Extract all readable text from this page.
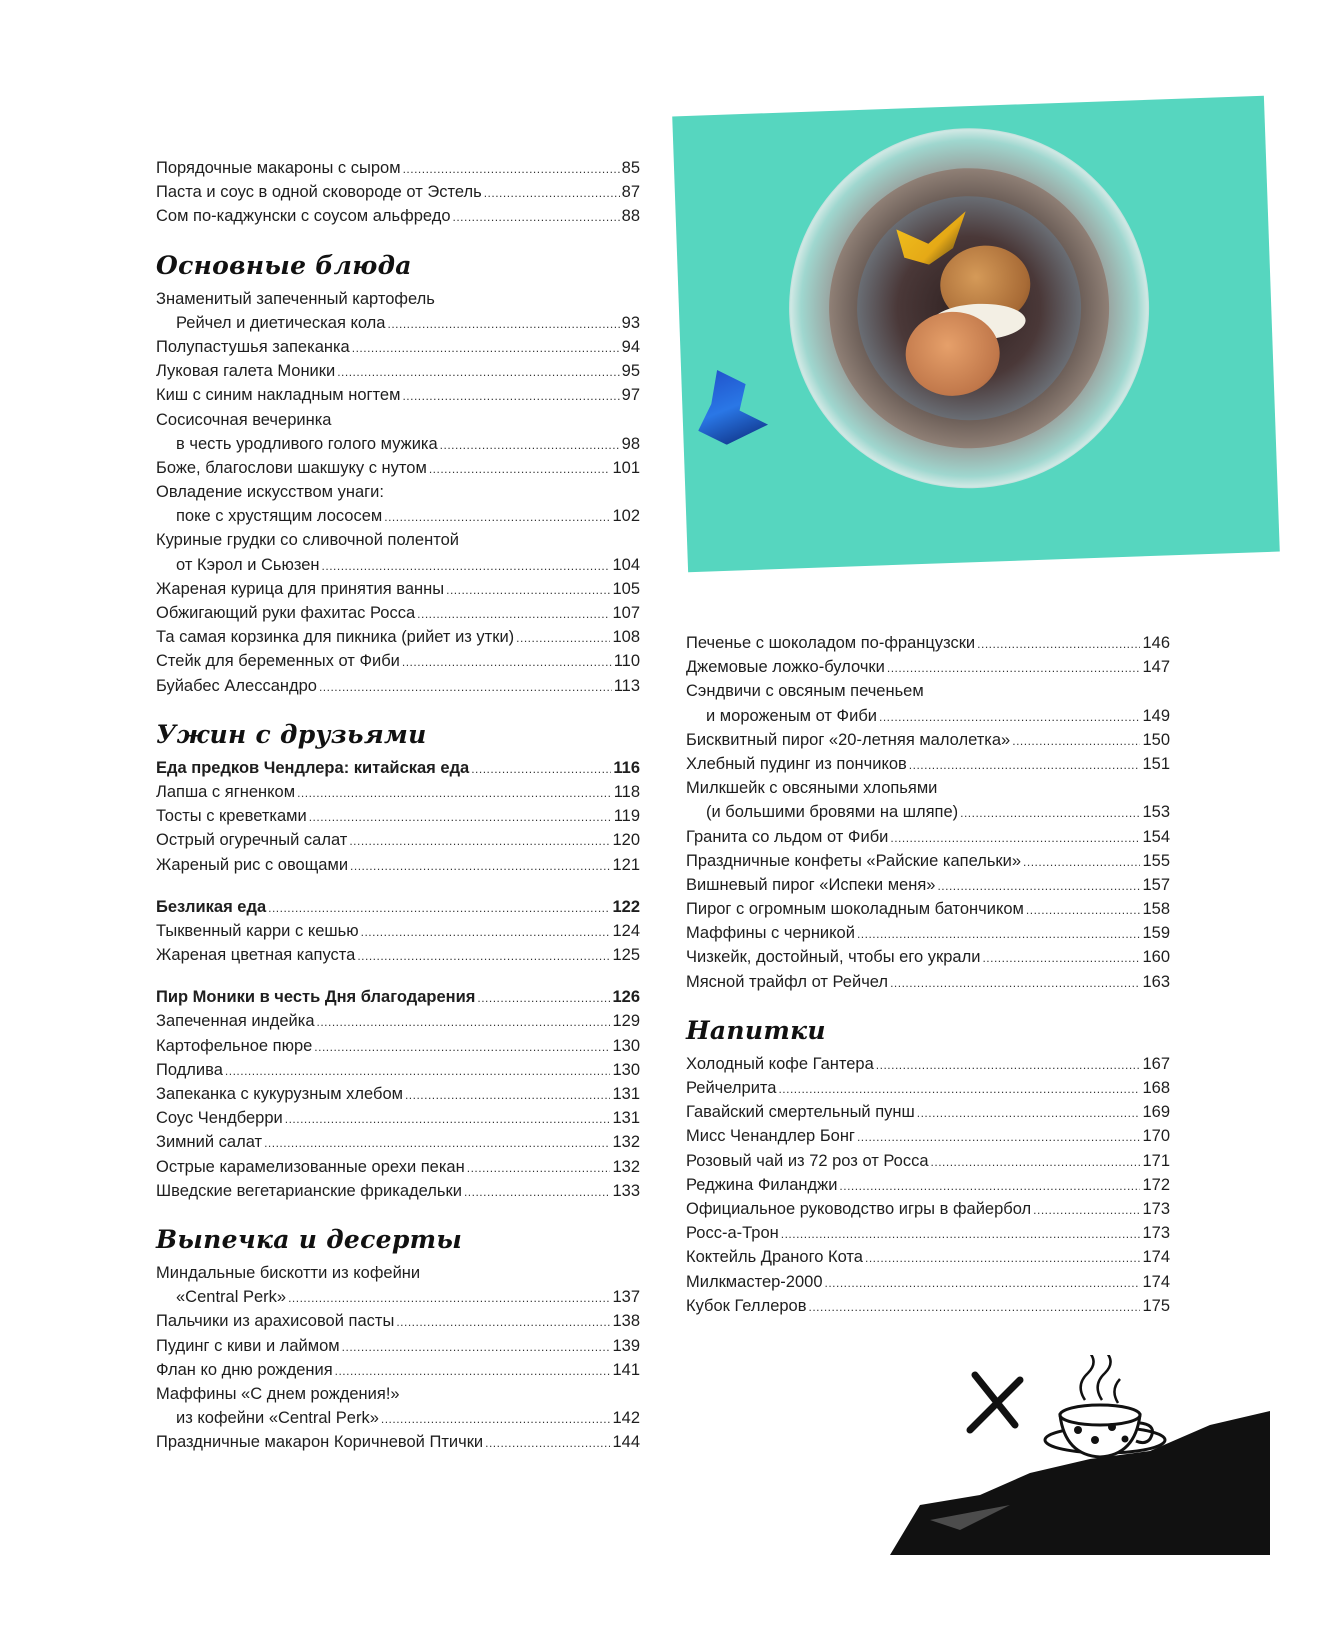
Порядочные макароны с сыром .....	85
Паста и соус в одной сковороде от Эстель .....	87
Сом по-каджунски с соусом альфредо .....	88
Основные блюда
Знаменитый запеченный картофель
Рейчел и диетическая кола .....	93
Полупастушья запеканка .....	94
Луковая галета Моники .....	95
Киш с синим накладным ногтем .....	97
Сосисочная вечеринка
в честь уродливого голого мужика .....	98
Боже, благослови шакшуку с нутом .....	101
Овладение искусством унаги:
поке с хрустящим лососем .....	102
Куриные грудки со сливочной полентой
от Кэрол и Сьюзен .....	104
Жареная курица для принятия ванны .....	105
Обжигающий руки фахитас Росса .....	107
Та самая корзинка для пикника (рийет из утки) .....	108
Стейк для беременных от Фиби .....	110
Буйабес Алессандро .....	113
Ужин с друзьями
Еда предков Чендлера: китайская еда .....	116
Лапша с ягненком .....	118
Тосты с креветками .....	119
Острый огуречный салат .....	120
Жареный рис с овощами .....	121
Безликая еда .....	122
Тыквенный карри с кешью .....	124
Жареная цветная капуста .....	125
Пир Моники в честь Дня благодарения .....	126
Запеченная индейка .....	129
Картофельное пюре .....	130
Подлива .....	130
Запеканка с кукурузным хлебом .....	131
Соус Чендберри .....	131
Зимний салат .....	132
Острые карамелизованные орехи пекан .....	132
Шведские вегетарианские фрикадельки .....	133
Выпечка и десерты
Миндальные бискотти из кофейни
«Central Perk» .....	137
Пальчики из арахисовой пасты .....	138
Пудинг с киви и лаймом .....	139
Флан ко дню рождения .....	141
Маффины «С днем рождения!»
из кофейни «Central Perk» .....	142
Праздничные макарон Коричневой Птички .....	144
Печенье с шоколадом по-французски .....	146
Джемовые ложко-булочки .....	147
Сэндвичи с овсяным печеньем
и мороженым от Фиби .....	149
Бисквитный пирог «20-летняя малолетка» .....	150
Хлебный пудинг из пончиков .....	151
Милкшейк с овсяными хлопьями
(и большими бровями на шляпе) .....	153
Гранита со льдом от Фиби .....	154
Праздничные конфеты «Райские капельки» .....	155
Вишневый пирог «Испеки меня» .....	157
Пирог с огромным шоколадным батончиком .....	158
Маффины с черникой .....	159
Чизкейк, достойный, чтобы его украли .....	160
Мясной трайфл от Рейчел .....	163
Напитки
Холодный кофе Гантера .....	167
Рейчелрита .....	168
Гавайский смертельный пунш .....	169
Мисс Ченандлер Бонг .....	170
Розовый чай из 72 роз от Росса .....	171
Реджина Филанджи .....	172
Официальное руководство игры в файербол .....	173
Росс-а-Трон .....	173
Коктейль Драного Кота .....	174
Милкмастер-2000 .....	174
Кубок Геллеров .....	175
